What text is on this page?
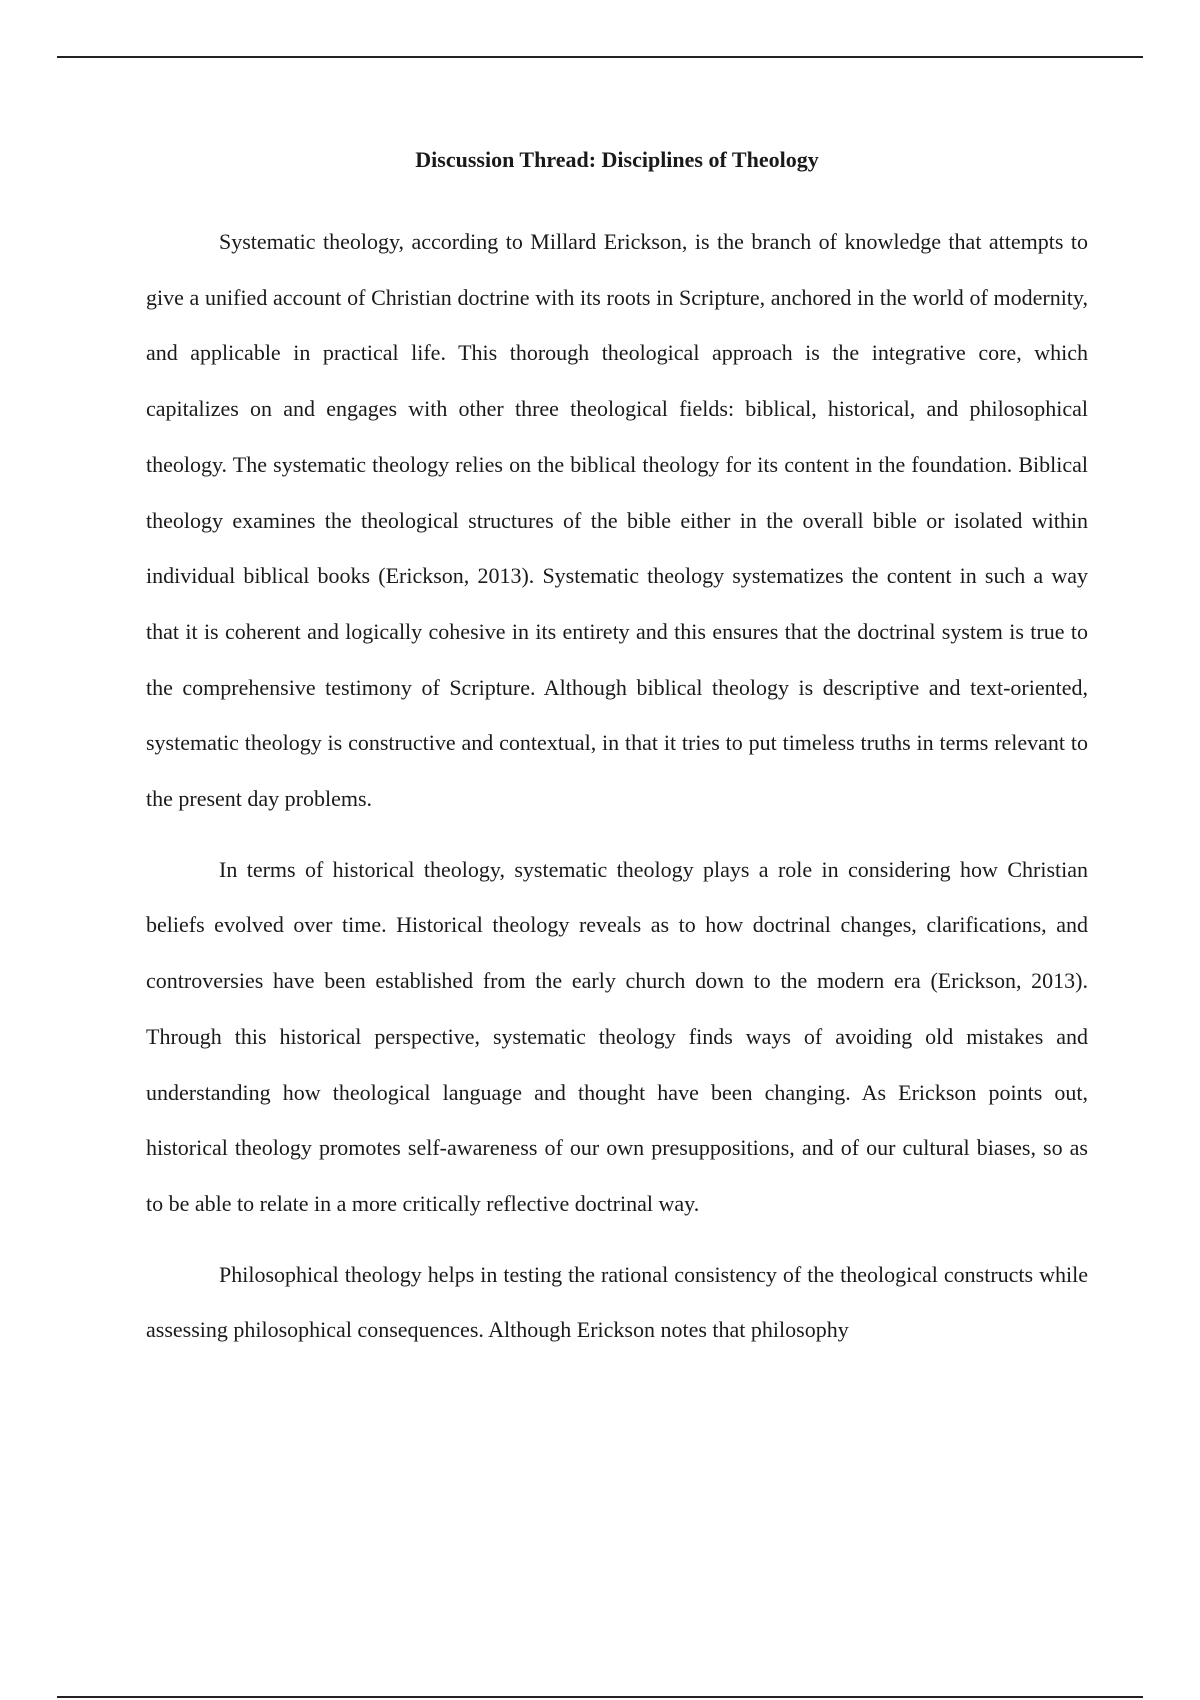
Discussion Thread: Disciplines of Theology

Systematic theology, according to Millard Erickson, is the branch of knowledge that attempts to give a unified account of Christian doctrine with its roots in Scripture, anchored in the world of modernity, and applicable in practical life. This thorough theological approach is the integrative core, which capitalizes on and engages with other three theological fields: biblical, historical, and philosophical theology. The systematic theology relies on the biblical theology for its content in the foundation. Biblical theology examines the theological structures of the bible either in the overall bible or isolated within individual biblical books (Erickson, 2013). Systematic theology systematizes the content in such a way that it is coherent and logically cohesive in its entirety and this ensures that the doctrinal system is true to the comprehensive testimony of Scripture. Although biblical theology is descriptive and text-oriented, systematic theology is constructive and contextual, in that it tries to put timeless truths in terms relevant to the present day problems.

In terms of historical theology, systematic theology plays a role in considering how Christian beliefs evolved over time. Historical theology reveals as to how doctrinal changes, clarifications, and controversies have been established from the early church down to the modern era (Erickson, 2013). Through this historical perspective, systematic theology finds ways of avoiding old mistakes and understanding how theological language and thought have been changing. As Erickson points out, historical theology promotes self-awareness of our own presuppositions, and of our cultural biases, so as to be able to relate in a more critically reflective doctrinal way.

Philosophical theology helps in testing the rational consistency of the theological constructs while assessing philosophical consequences. Although Erickson notes that philosophy
